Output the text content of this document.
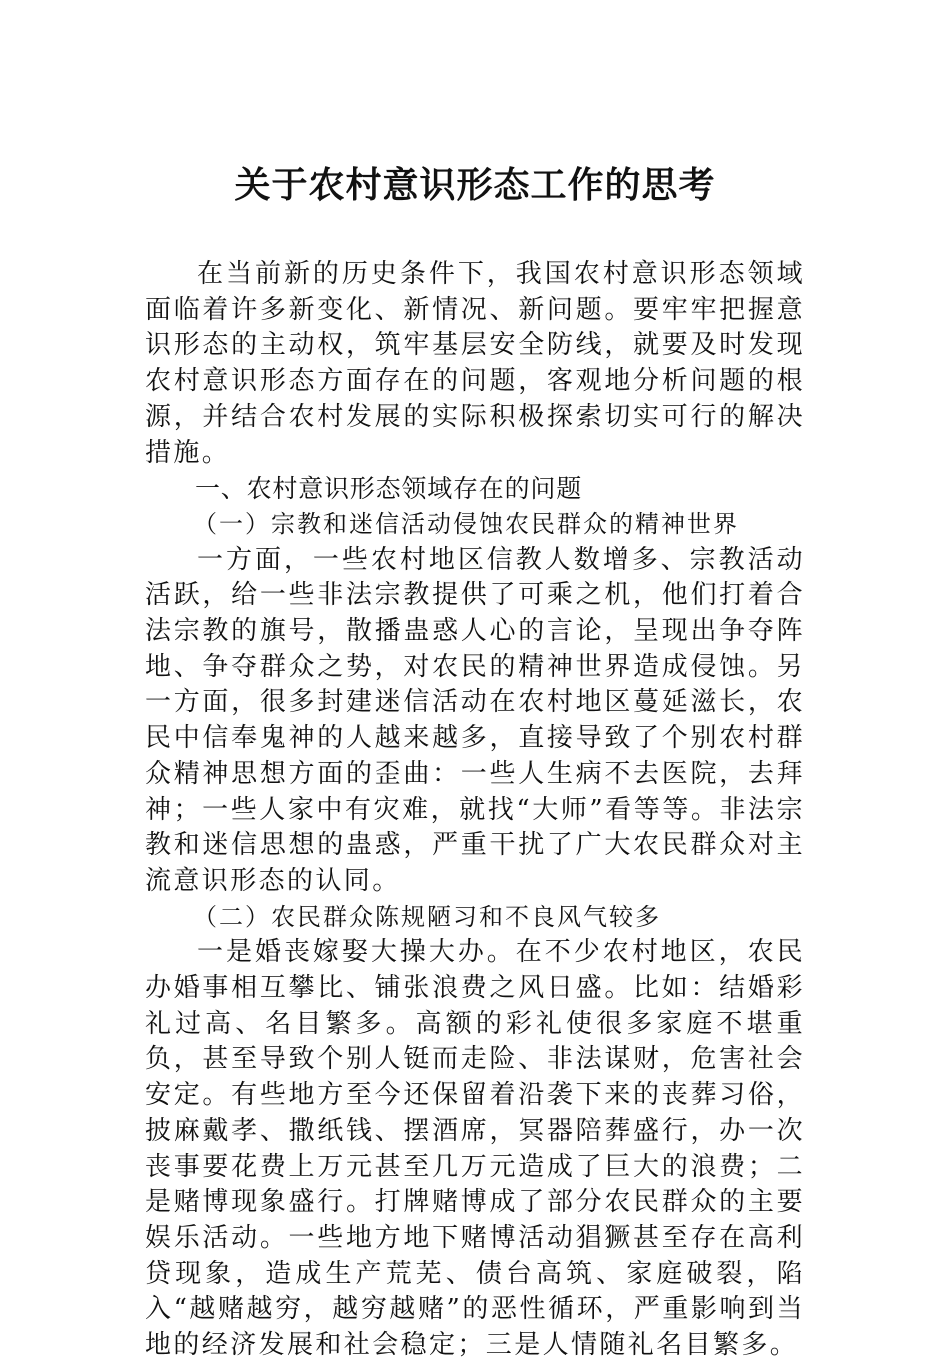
关于农村意识形态工作的思考

在当前新的历史条件下，我国农村意识形态领域面临着许多新变化、新情况、新问题。要牢牢把握意识形态的主动权，筑牢基层安全防线，就要及时发现农村意识形态方面存在的问题，客观地分析问题的根源，并结合农村发展的实际积极探索切实可行的解决措施。

一、农村意识形态领域存在的问题

（一）宗教和迷信活动侵蚀农民群众的精神世界

一方面，一些农村地区信教人数增多、宗教活动活跃，给一些非法宗教提供了可乘之机，他们打着合法宗教的旗号，散播蛊惑人心的言论，呈现出争夺阵地、争夺群众之势，对农民的精神世界造成侵蚀。另一方面，很多封建迷信活动在农村地区蔓延滋长，农民中信奉鬼神的人越来越多，直接导致了个别农村群众精神思想方面的歪曲：一些人生病不去医院，去拜神；一些人家中有灾难，就找“大师”看等等。非法宗教和迷信思想的蛊惑，严重干扰了广大农民群众对主流意识形态的认同。

（二）农民群众陈规陋习和不良风气较多

一是婚丧嫁娶大操大办。在不少农村地区，农民办婚事相互攀比、铺张浪费之风日盛。比如：结婚彩礼过高、名目繁多。高额的彩礼使很多家庭不堪重负，甚至导致个别人铤而走险、非法谋财，危害社会安定。有些地方至今还保留着沿袭下来的丧葬习俗，披麻戴孝、撒纸钱、摆酒席，冥器陪葬盛行，办一次丧事要花费上万元甚至几万元造成了巨大的浪费；二是赌博现象盛行。打牌赌博成了部分农民群众的主要娱乐活动。一些地方地下赌博活动猖獗甚至存在高利贷现象，造成生产荒芜、债台高筑、家庭破裂，陷入“越赌越穷，越穷越赌”的恶性循环，严重影响到当地的经济发展和社会稳定；三是人情随礼名目繁多。
